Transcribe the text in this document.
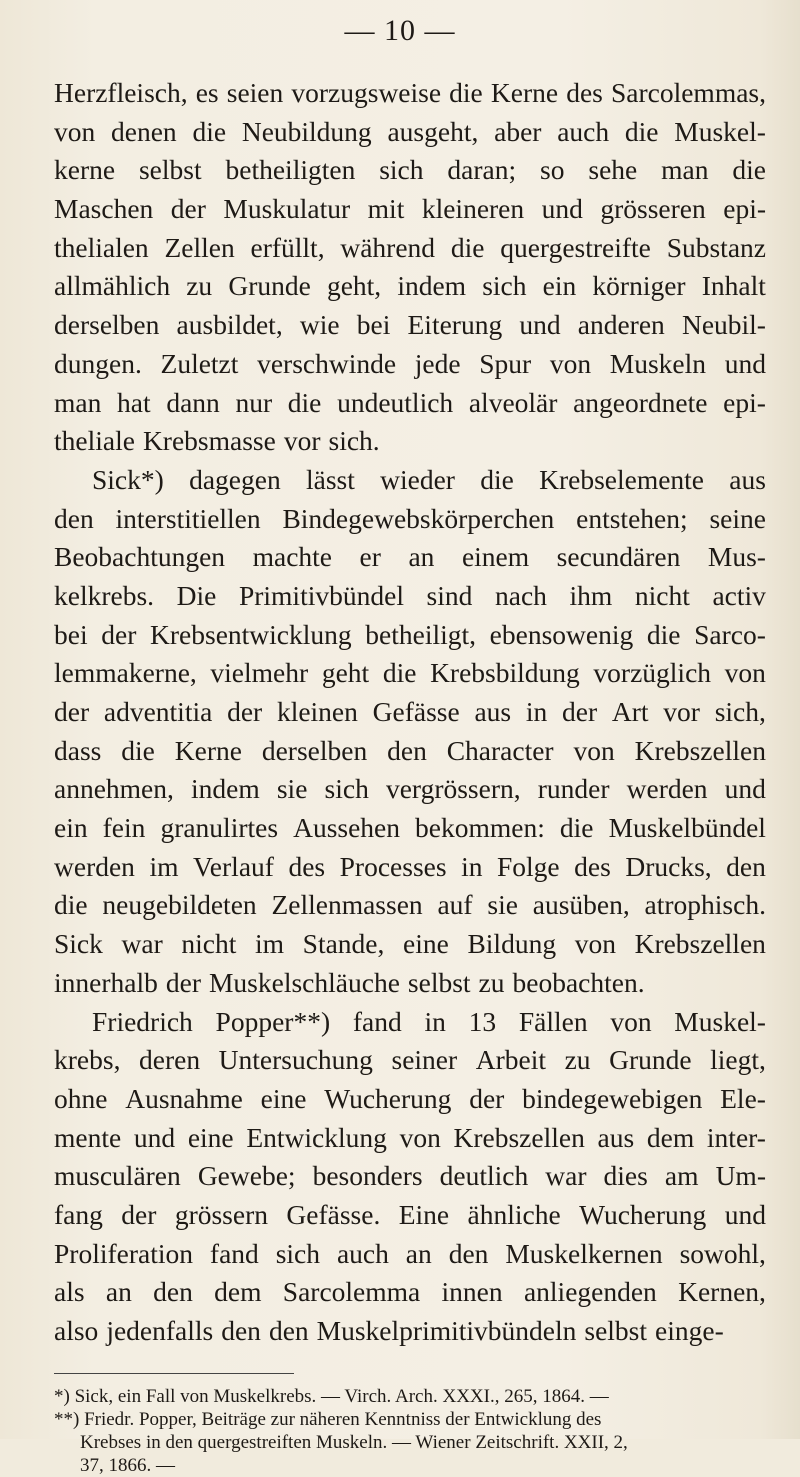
— 10 —
Herzfleisch, es seien vorzugsweise die Kerne des Sarcolemmas,
von denen die Neubildung ausgeht, aber auch die Muskel-
kerne selbst betheiligten sich daran; so sehe man die
Maschen der Muskulatur mit kleineren und grösseren epi-
thelialen Zellen erfüllt, während die quergestreifte Substanz
allmählich zu Grunde geht, indem sich ein körniger Inhalt
derselben ausbildet, wie bei Eiterung und anderen Neubil-
dungen. Zuletzt verschwinde jede Spur von Muskeln und
man hat dann nur die undeutlich alveolär angeordnete epi-
theliale Krebsmasse vor sich.
Sick*) dagegen lässt wieder die Krebselemente aus
den interstitiellen Bindegewebskörperchen entstehen; seine
Beobachtungen machte er an einem secundären Mus-
kelkrebs. Die Primitivbündel sind nach ihm nicht activ
bei der Krebsentwicklung betheiligt, ebensowenig die Sarco-
lemmakerne, vielmehr geht die Krebsbildung vorzüglich von
der adventitia der kleinen Gefässe aus in der Art vor sich,
dass die Kerne derselben den Character von Krebszellen
annehmen, indem sie sich vergrössern, runder werden und
ein fein granulirtes Aussehen bekommen: die Muskelbündel
werden im Verlauf des Processes in Folge des Drucks, den
die neugebildeten Zellenmassen auf sie ausüben, atrophisch.
Sick war nicht im Stande, eine Bildung von Krebszellen
innerhalb der Muskelschläuche selbst zu beobachten.
Friedrich Popper**) fand in 13 Fällen von Muskel-
krebs, deren Untersuchung seiner Arbeit zu Grunde liegt,
ohne Ausnahme eine Wucherung der bindegewebigen Ele-
mente und eine Entwicklung von Krebszellen aus dem inter-
musculären Gewebe; besonders deutlich war dies am Um-
fang der grössern Gefässe. Eine ähnliche Wucherung und
Proliferation fand sich auch an den Muskelkernen sowohl,
als an den dem Sarcolemma innen anliegenden Kernen,
also jedenfalls den den Muskelprimitivbündeln selbst einge-
*) Sick, ein Fall von Muskelkrebs. — Virch. Arch. XXXI., 265, 1864. —
**) Friedr. Popper, Beiträge zur näheren Kenntniss der Entwicklung des
Krebses in den quergestreiften Muskeln. — Wiener Zeitschrift. XXII, 2,
37, 1866. —
